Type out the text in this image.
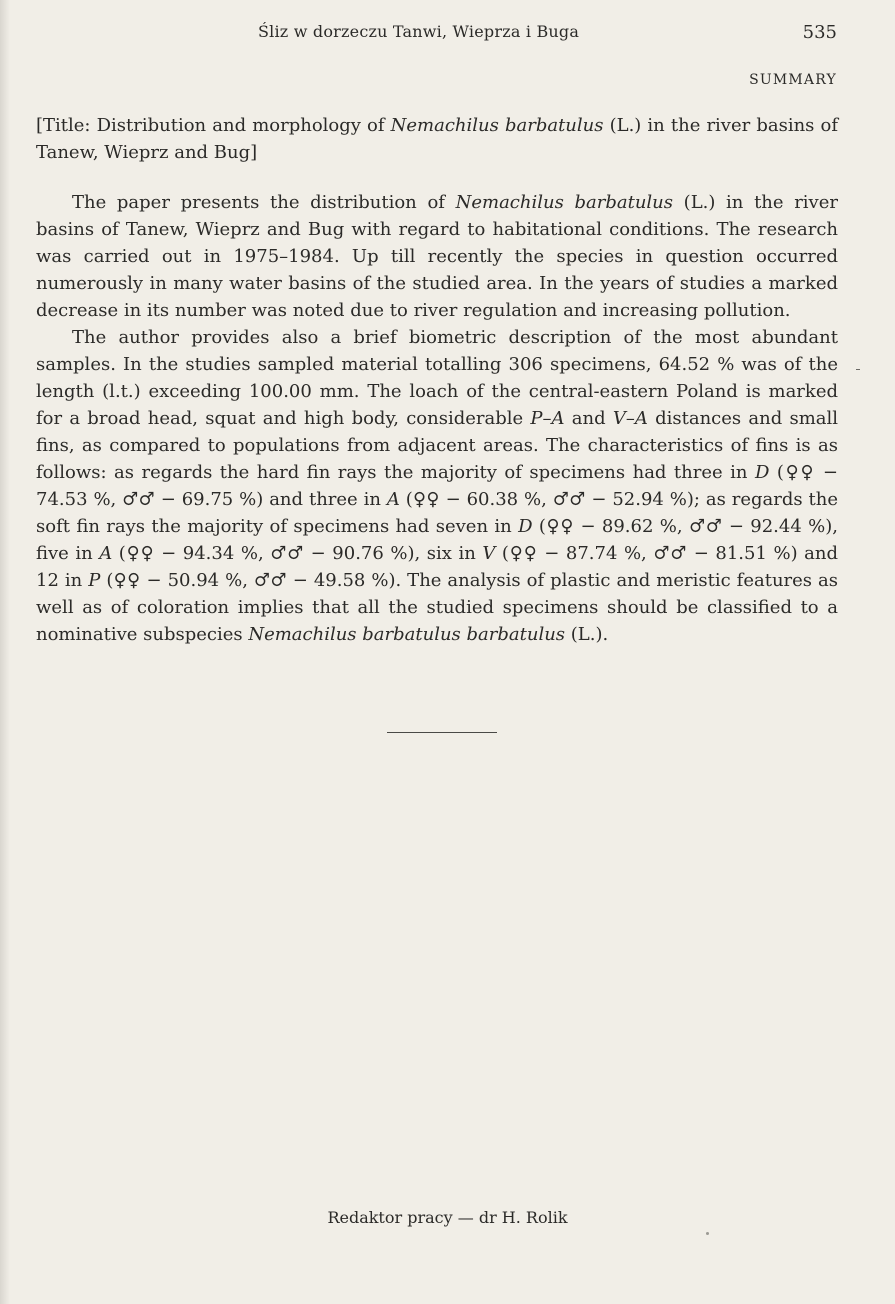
Śliz w dorzeczu Tanwi, Wieprza i Buga	535
SUMMARY

[Title: Distribution and morphology of Nemachilus barbatulus (L.) in the river basins of Tanew, Wieprz and Bug]

The paper presents the distribution of Nemachilus barbatulus (L.) in the river basins of Tanew, Wieprz and Bug with regard to habitational conditions. The research was carried out in 1975–1984. Up till recently the species in question occurred numerously in many water basins of the studied area. In the years of studies a marked decrease in its number was noted due to river regulation and increasing pollution.

The author provides also a brief biometric description of the most abundant samples. In the studies sampled material totalling 306 specimens, 64.52 % was of the length (l.t.) exceeding 100.00 mm. The loach of the central-eastern Poland is marked for a broad head, squat and high body, considerable P–A and V–A distances and small fins, as compared to populations from adjacent areas. The characteristics of fins is as follows: as regards the hard fin rays the majority of specimens had three in D (♀♀ − 74.53 %, ♂♂ − 69.75 %) and three in A (♀♀ − 60.38 %, ♂♂ − 52.94 %); as regards the soft fin rays the majority of specimens had seven in D (♀♀ − 89.62 %, ♂♂ − 92.44 %), five in A (♀♀ − 94.34 %, ♂♂ − 90.76 %), six in V (♀♀ − 87.74 %, ♂♂ − 81.51 %) and 12 in P (♀♀ − 50.94 %, ♂♂ − 49.58 %). The analysis of plastic and meristic features as well as of coloration implies that all the studied specimens should be classified to a nominative subspecies Nemachilus barbatulus barbatulus (L.).

Redaktor pracy — dr H. Rolik
